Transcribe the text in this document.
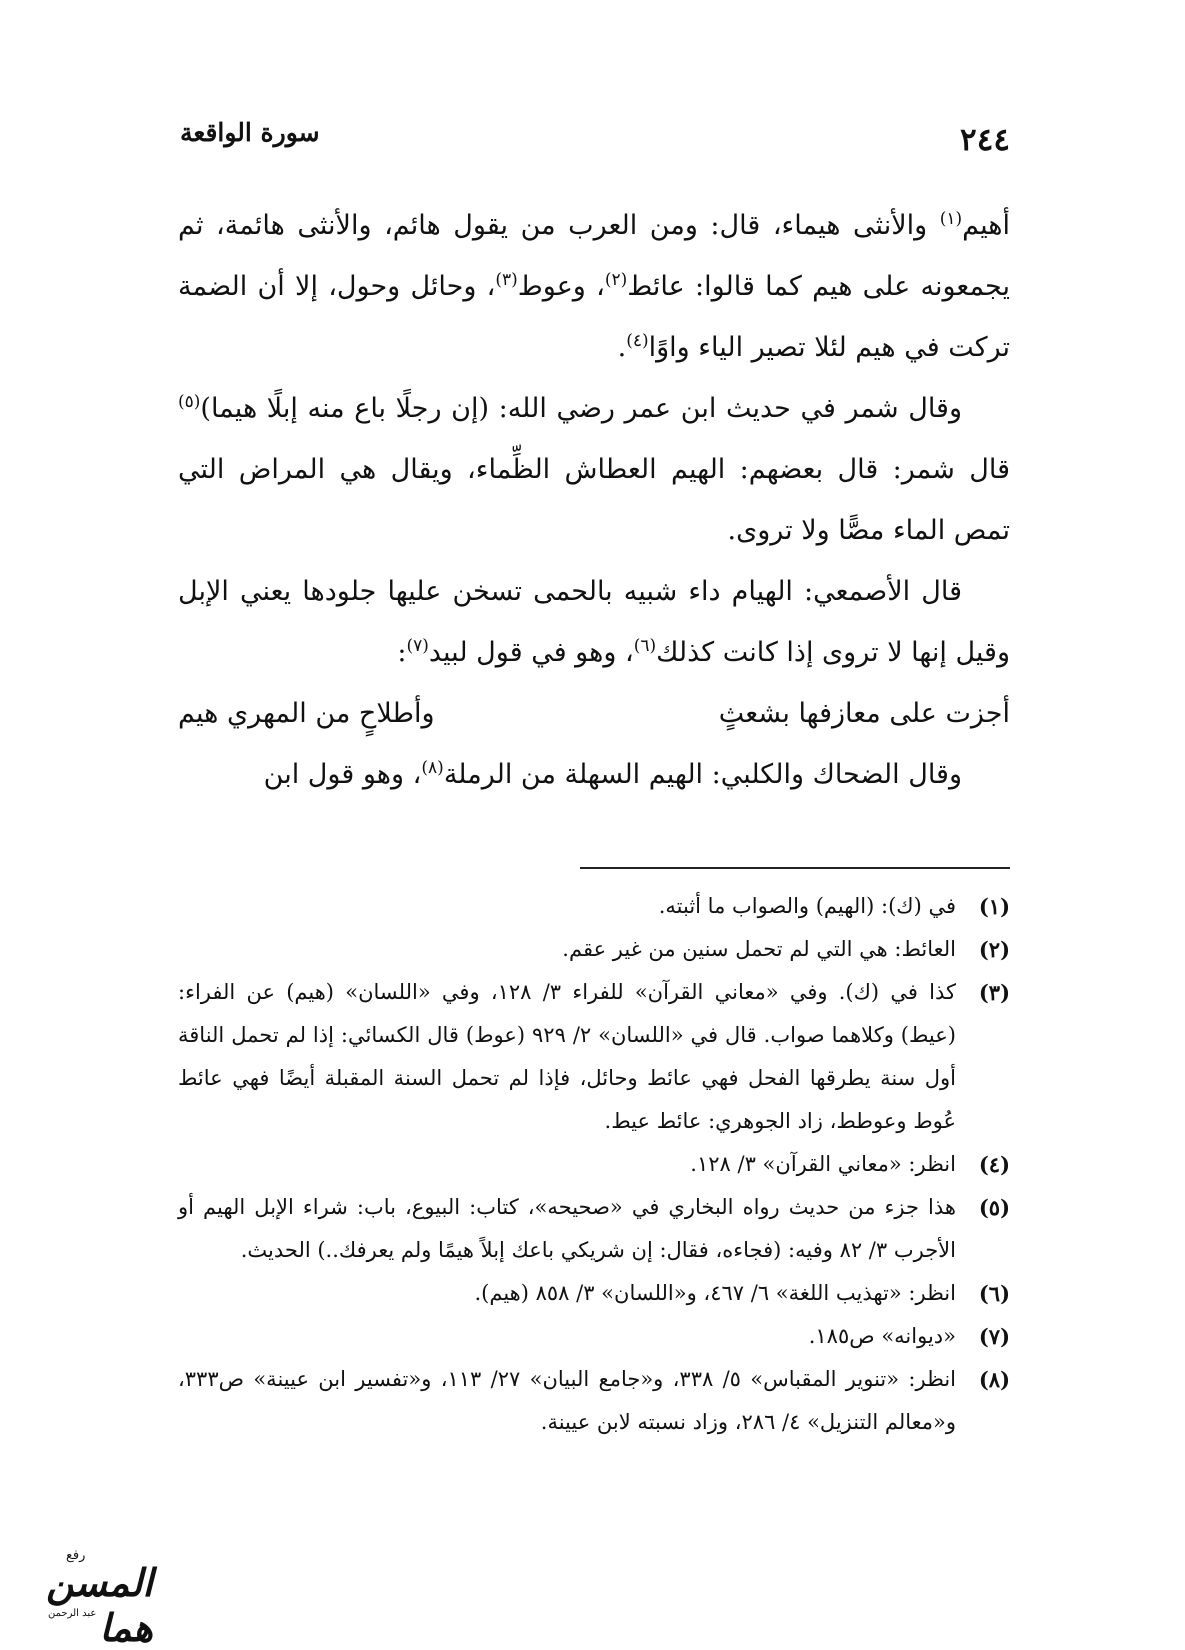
٢٤٤
سورة الواقعة

أهيم$^{(١)}$ والأنثى هيماء، قال: ومن العرب من يقول هائم، والأنثى هائمة، ثم يجمعونه على هيم كما قالوا: عائط$^{(٢)}$، وعوط$^{(٣)}$، وحائل وحول، إلا أن الضمة تركت في هيم لئلا تصير الياء واوًا$^{(٤)}$.

وقال شمر في حديث ابن عمر رضي الله: (إن رجلًا باع منه إبلًا هيما)$^{(٥)}$ قال شمر: قال بعضهم: الهيم العطاش الظِّماء، ويقال هي المراض التي تمص الماء مصًّا ولا تروى.

قال الأصمعي: الهيام داء شبيه بالحمى تسخن عليها جلودها يعني الإبل وقيل إنها لا تروى إذا كانت كذلك$^{(٦)}$، وهو في قول لبيد$^{(٧)}$:

أجزت على معازفها بشعثٍ
وأطلاحٍ من المهري هيم

وقال الضحاك والكلبي: الهيم السهلة من الرملة$^{(٨)}$، وهو قول ابن

(١)
في (ك): (الهيم) والصواب ما أثبته.
(٢)
العائط: هي التي لم تحمل سنين من غير عقم.
(٣)
كذا في (ك). وفي «معاني القرآن» للفراء ٣/ ١٢٨، وفي «اللسان» (هيم) عن الفراء: (عيط) وكلاهما صواب. قال في «اللسان» ٢/ ٩٢٩ (عوط) قال الكسائي: إذا لم تحمل الناقة أول سنة يطرقها الفحل فهي عائط وحائل، فإذا لم تحمل السنة المقبلة أيضًا فهي عائط عُوط وعوطط، زاد الجوهري: عائط عيط.
(٤)
انظر: «معاني القرآن» ٣/ ١٢٨.
(٥)
هذا جزء من حديث رواه البخاري في «صحيحه»، كتاب: البيوع، باب: شراء الإبل الهيم أو الأجرب ٣/ ٨٢ وفيه: (فجاءه، فقال: إن شريكي باعك إبلاً هيمًا ولم يعرفك..) الحديث.
(٦)
انظر: «تهذيب اللغة» ٦/ ٤٦٧، و«اللسان» ٣/ ٨٥٨ (هيم).
(٧)
«ديوانه» ص١٨٥.
(٨)
انظر: «تنوير المقباس» ٥/ ٣٣٨، و«جامع البيان» ٢٧/ ١١٣، و«تفسير ابن عيينة» ص٣٣٣، و«معالم التنزيل» ٤/ ٢٨٦، وزاد نسبته لابن عيينة.
رفع
المسن هما
عبد الرحمن
